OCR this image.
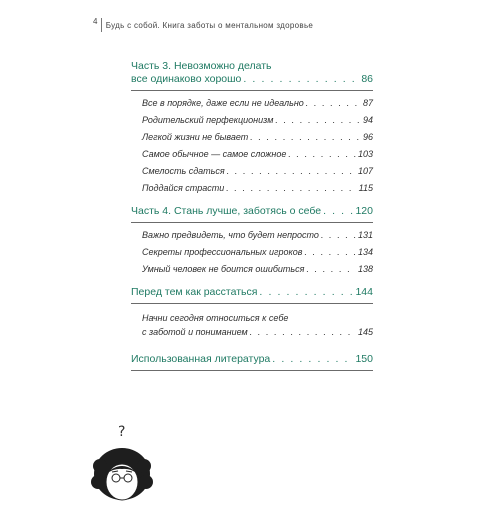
4 Будь с собой. Книга заботы о ментальном здоровье
Часть 3. Невозможно делать
все одинаково хорошо . . .	86
Все в порядке, даже если не идеально . . .	87
Родительский перфекционизм . . .	94
Легкой жизни не бывает . . .	96
Самое обычное — самое сложное . . .	103
Смелость сдаться . . .	107
Поддайся страсти . . .	115
Часть 4. Стань лучше, заботясь о себе . . .	120
Важно предвидеть, что будет непросто . . .	131
Секреты профессиональных игроков . . .	134
Умный человек не боится ошибиться . . .	138
Перед тем как расстаться . . .	144
Начни сегодня относиться к себе
с заботой и пониманием . . .	145
Использованная литература . . .	150
?
